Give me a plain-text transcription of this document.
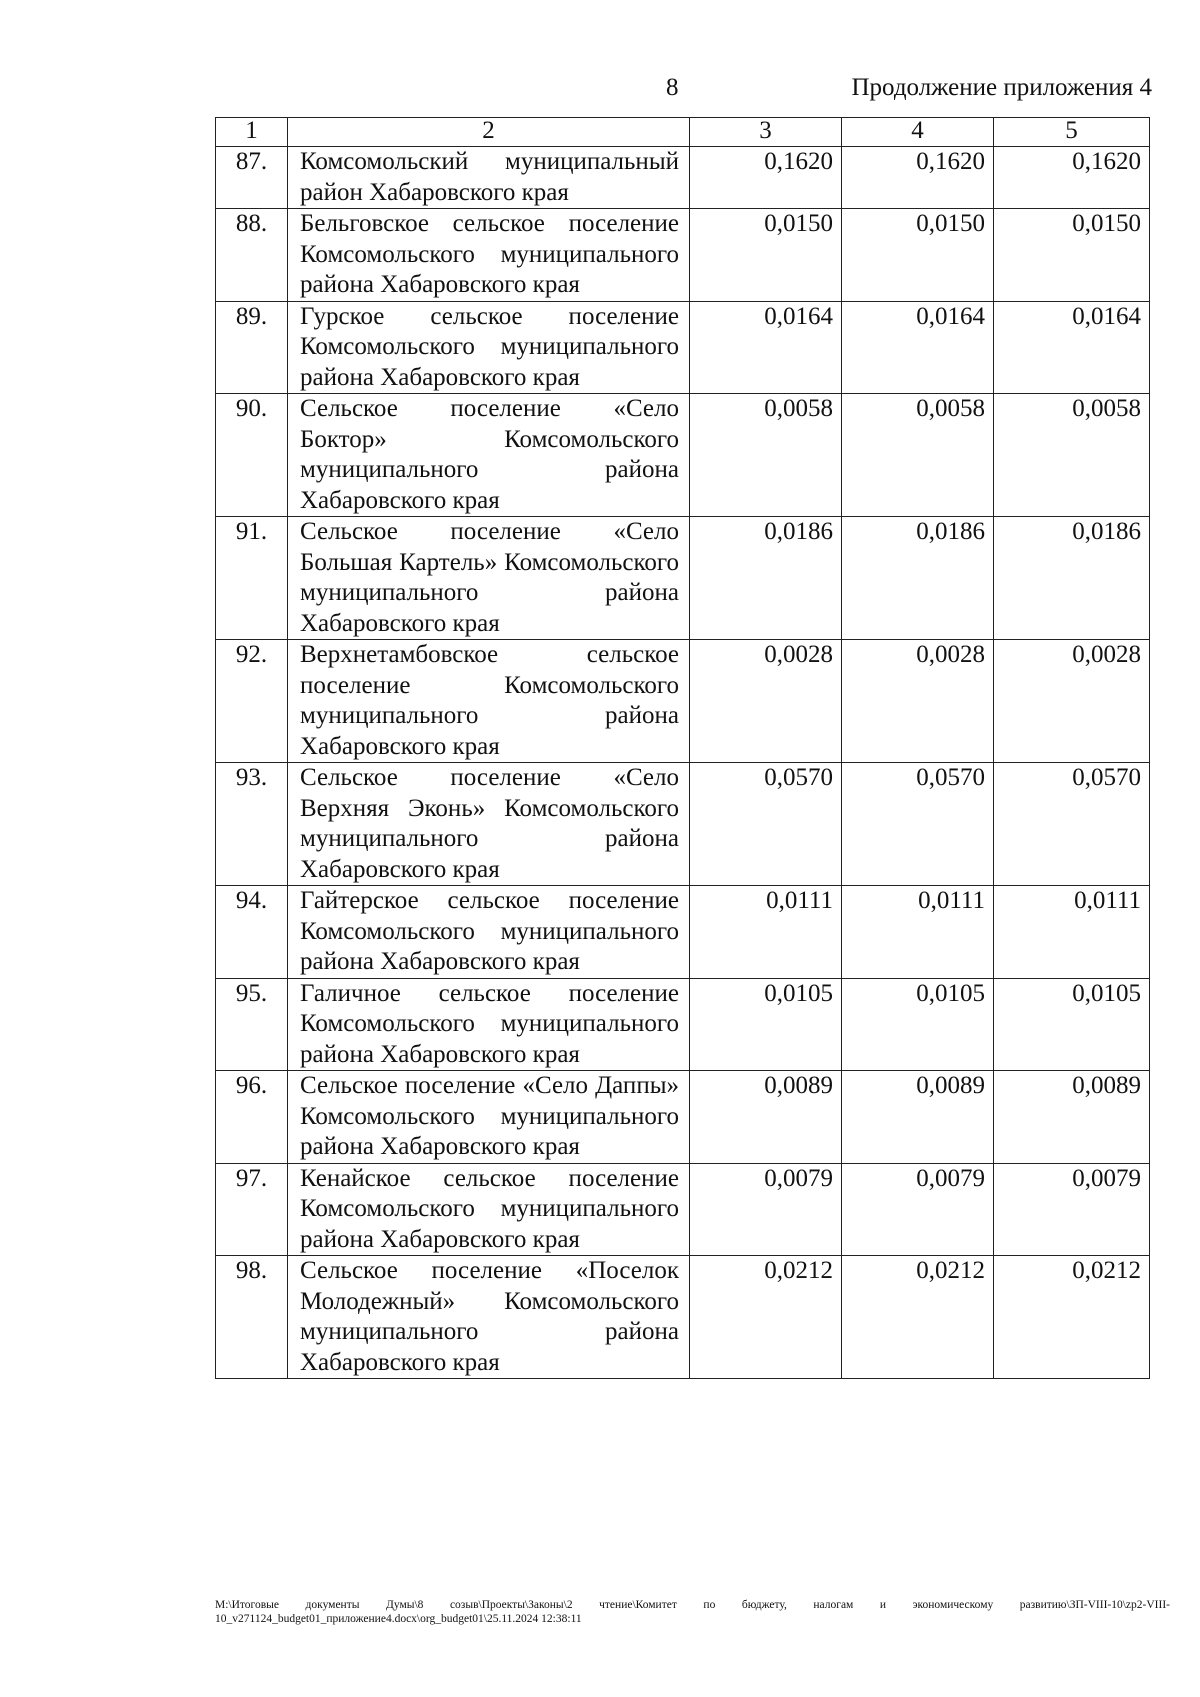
8	Продолжение приложения 4
1	2	3	4	5
87.	Комсомольский муниципальный район Хабаровского края	0,1620	0,1620	0,1620

88.	Бельговское сельское поселение Комсомольского муниципального района Хабаровского края	0,0150	0,0150	0,0150

89.	Гурское сельское поселение Комсомольского муниципального района Хабаровского края	0,0164	0,0164	0,0164

90.	Сельское поселение «Село Боктор» Комсомольского муниципального района Хабаровского края	0,0058	0,0058	0,0058

91.	Сельское поселение «Село Большая Картель» Комсомольского муниципального района Хабаровского края	0,0186	0,0186	0,0186

92.	Верхнетамбовское сельское поселение Комсомольского муниципального района Хабаровского края	0,0028	0,0028	0,0028

93.	Сельское поселение «Село Верхняя Эконь» Комсомольского муниципального района Хабаровского края	0,0570	0,0570	0,0570

94.	Гайтерское сельское поселение Комсомольского муниципального района Хабаровского края	0,0111	0,0111	0,0111

95.	Галичное сельское поселение Комсомольского муниципального района Хабаровского края	0,0105	0,0105	0,0105

96.	Сельское поселение «Село Даппы» Комсомольского муниципального района Хабаровского края	0,0089	0,0089	0,0089

97.	Кенайское сельское поселение Комсомольского муниципального района Хабаровского края	0,0079	0,0079	0,0079

98.	Сельское поселение «Поселок Молодежный» Комсомольского муниципального района Хабаровского края	0,0212	0,0212	0,0212
М:\Итоговые документы Думы\8 созыв\Проекты\Законы\2 чтение\Комитет по бюджету, налогам и экономическому развитию\ЗП-VIII-10\zp2-VIII-10_v271124_budget01_приложение4.docx\org_budget01\25.11.2024 12:38:11
